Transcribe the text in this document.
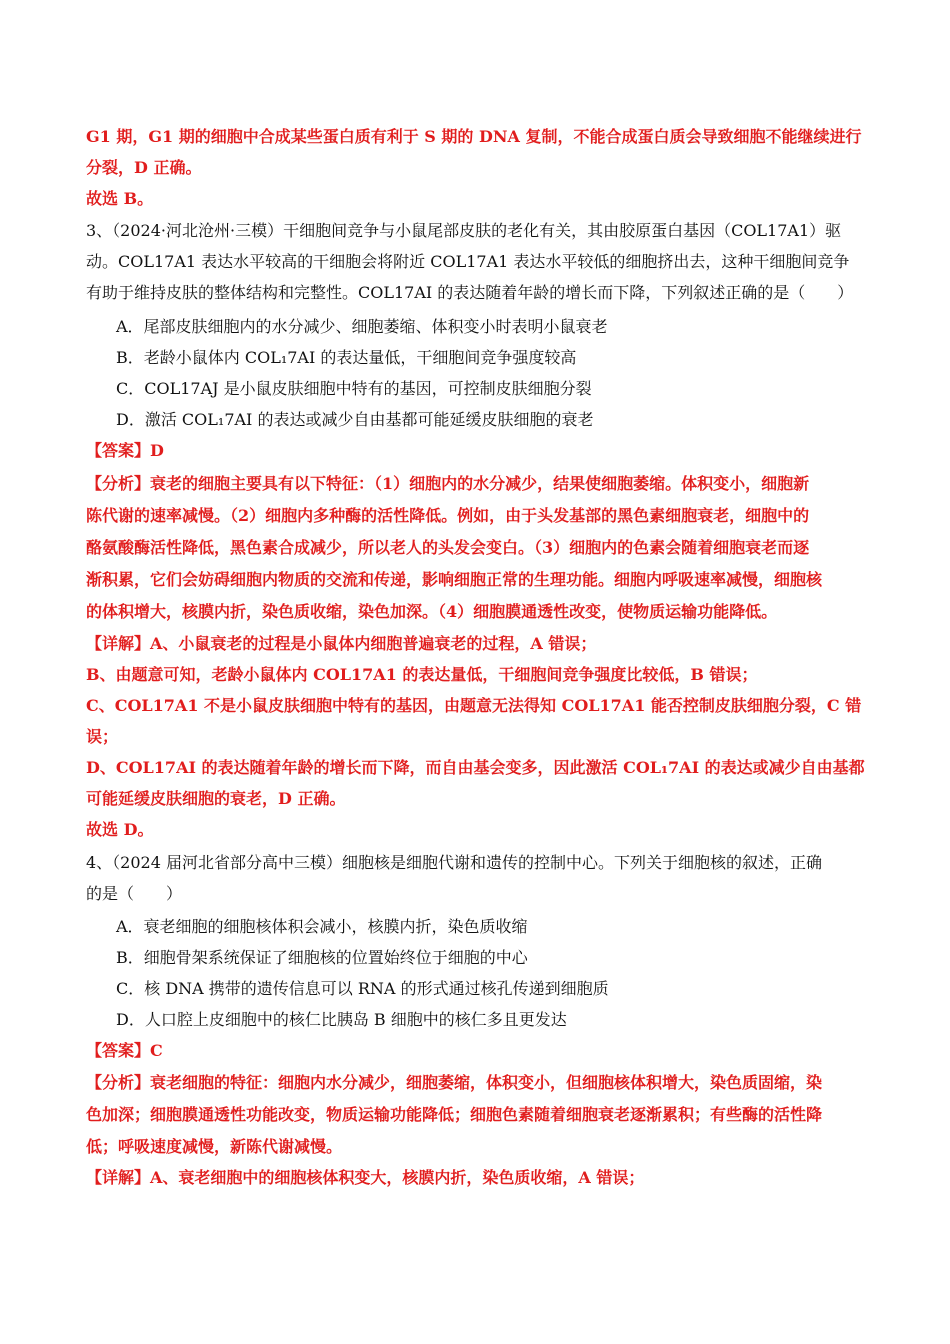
G1 期，G1 期的细胞中合成某些蛋白质有利于 S 期的 DNA 复制，不能合成蛋白质会导致细胞不能继续进行
分裂，D 正确。
故选 B。
3、（2024·河北沧州·三模）干细胞间竞争与小鼠尾部皮肤的老化有关，其由胶原蛋白基因（COL17A1）驱
动。COL17A1 表达水平较高的干细胞会将附近 COL17A1 表达水平较低的细胞挤出去，这种干细胞间竞争
有助于维持皮肤的整体结构和完整性。COL17AI 的表达随着年龄的增长而下降，下列叙述正确的是（　　）
A．尾部皮肤细胞内的水分减少、细胞萎缩、体积变小时表明小鼠衰老
B．老龄小鼠体内 COL₁7AI 的表达量低，干细胞间竞争强度较高
C．COL17AJ 是小鼠皮肤细胞中特有的基因，可控制皮肤细胞分裂
D．激活 COL₁7AI 的表达或减少自由基都可能延缓皮肤细胞的衰老
【答案】D
【分析】衰老的细胞主要具有以下特征：（1）细胞内的水分减少，结果使细胞萎缩。体积变小，细胞新
陈代谢的速率减慢。（2）细胞内多种酶的活性降低。例如，由于头发基部的黑色素细胞衰老，细胞中的
酪氨酸酶活性降低，黑色素合成减少，所以老人的头发会变白。（3）细胞内的色素会随着细胞衰老而逐
渐积累，它们会妨碍细胞内物质的交流和传递，影响细胞正常的生理功能。细胞内呼吸速率减慢，细胞核
的体积增大，核膜内折，染色质收缩，染色加深。（4）细胞膜通透性改变，使物质运输功能降低。
【详解】A、小鼠衰老的过程是小鼠体内细胞普遍衰老的过程，A 错误；
B、由题意可知，老龄小鼠体内 COL17A1 的表达量低，干细胞间竞争强度比较低，B 错误；
C、COL17A1 不是小鼠皮肤细胞中特有的基因，由题意无法得知 COL17A1 能否控制皮肤细胞分裂，C 错
误；
D、COL17AI 的表达随着年龄的增长而下降，而自由基会变多，因此激活 COL₁7AI 的表达或减少自由基都
可能延缓皮肤细胞的衰老，D 正确。
故选 D。
4、（2024 届河北省部分高中三模）细胞核是细胞代谢和遗传的控制中心。下列关于细胞核的叙述，正确
的是（　　）
A．衰老细胞的细胞核体积会减小，核膜内折，染色质收缩
B．细胞骨架系统保证了细胞核的位置始终位于细胞的中心
C．核 DNA 携带的遗传信息可以 RNA 的形式通过核孔传递到细胞质
D．人口腔上皮细胞中的核仁比胰岛 B 细胞中的核仁多且更发达
【答案】C
【分析】衰老细胞的特征：细胞内水分减少，细胞萎缩，体积变小，但细胞核体积增大，染色质固缩，染
色加深；细胞膜通透性功能改变，物质运输功能降低；细胞色素随着细胞衰老逐渐累积；有些酶的活性降
低；呼吸速度减慢，新陈代谢减慢。
【详解】A、衰老细胞中的细胞核体积变大，核膜内折，染色质收缩，A 错误；
